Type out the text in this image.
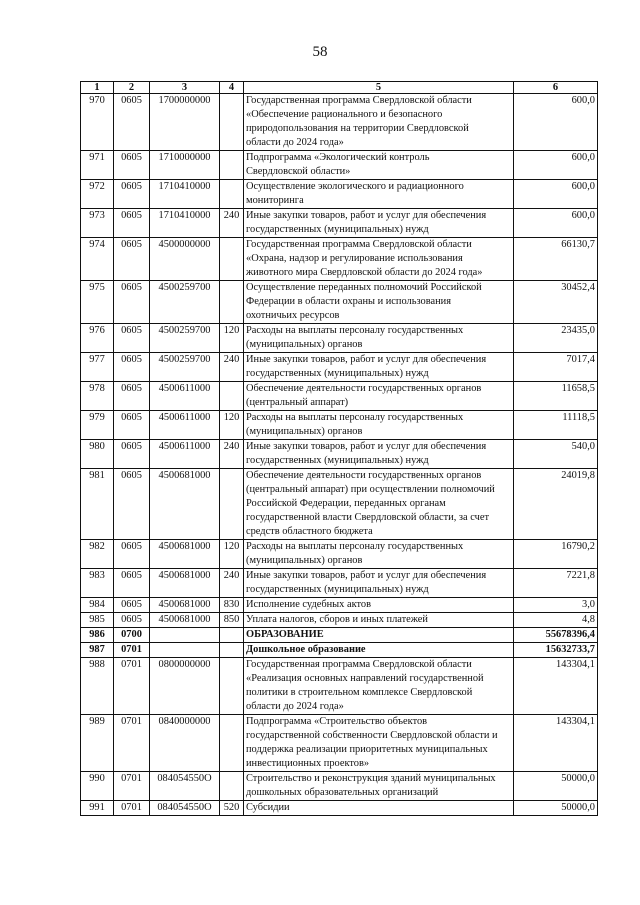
58
1	2	3	4	5	6
970	0605	1700000000		Государственная программа Свердловской области
«Обеспечение рационального и безопасного
природопользования на территории Свердловской
области до 2024 года»	600,0
971	0605	1710000000		Подпрограмма «Экологический контроль
Свердловской области»	600,0
972	0605	1710410000		Осуществление экологического и радиационного
мониторинга	600,0
973	0605	1710410000	240	Иные закупки товаров, работ и услуг для обеспечения
государственных (муниципальных) нужд	600,0
974	0605	4500000000		Государственная программа Свердловской области
«Охрана, надзор и регулирование использования
животного мира Свердловской области до 2024 года»	66130,7
975	0605	4500259700		Осуществление переданных полномочий Российской
Федерации в области охраны и использования
охотничьих ресурсов	30452,4
976	0605	4500259700	120	Расходы на выплаты персоналу государственных
(муниципальных) органов	23435,0
977	0605	4500259700	240	Иные закупки товаров, работ и услуг для обеспечения
государственных (муниципальных) нужд	7017,4
978	0605	4500611000		Обеспечение деятельности государственных органов
(центральный аппарат)	11658,5
979	0605	4500611000	120	Расходы на выплаты персоналу государственных
(муниципальных) органов	11118,5
980	0605	4500611000	240	Иные закупки товаров, работ и услуг для обеспечения
государственных (муниципальных) нужд	540,0
981	0605	4500681000		Обеспечение деятельности государственных органов
(центральный аппарат) при осуществлении полномочий
Российской Федерации, переданных органам
государственной власти Свердловской области, за счет
средств областного бюджета	24019,8
982	0605	4500681000	120	Расходы на выплаты персоналу государственных
(муниципальных) органов	16790,2
983	0605	4500681000	240	Иные закупки товаров, работ и услуг для обеспечения
государственных (муниципальных) нужд	7221,8
984	0605	4500681000	830	Исполнение судебных актов	3,0
985	0605	4500681000	850	Уплата налогов, сборов и иных платежей	4,8
986	0700			ОБРАЗОВАНИЕ	55678396,4
987	0701			Дошкольное образование	15632733,7
988	0701	0800000000		Государственная программа Свердловской области
«Реализация основных направлений государственной
политики в строительном комплексе Свердловской
области до 2024 года»	143304,1
989	0701	0840000000		Подпрограмма «Строительство объектов
государственной собственности Свердловской области и
поддержка реализации приоритетных муниципальных
инвестиционных проектов»	143304,1
990	0701	084054550О		Строительство и реконструкция зданий муниципальных
дошкольных образовательных организаций	50000,0
991	0701	084054550О	520	Субсидии	50000,0
